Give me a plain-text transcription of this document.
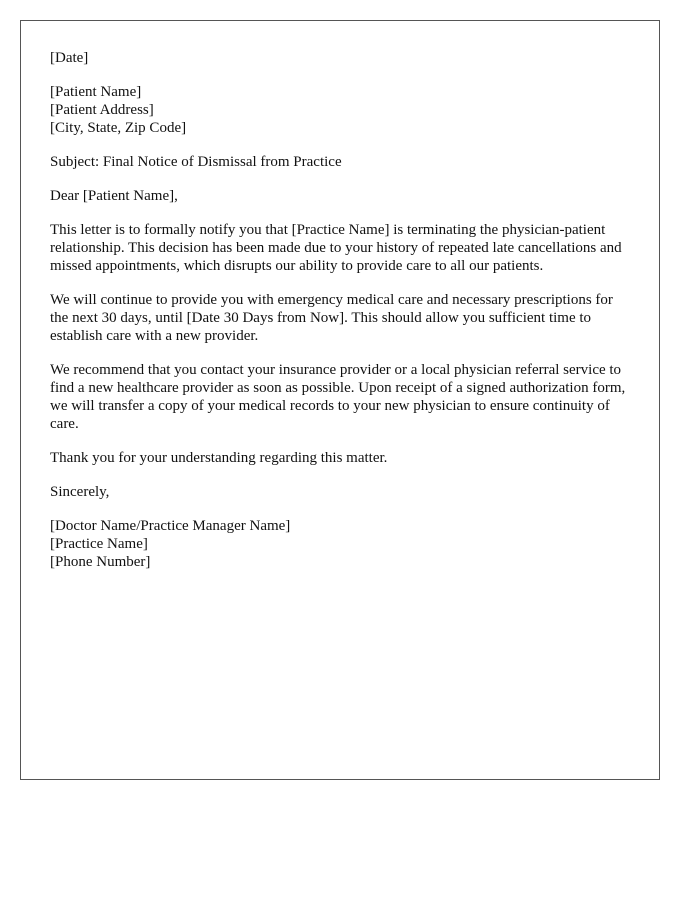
[Date]
[Patient Name]
[Patient Address]
[City, State, Zip Code]
Subject: Final Notice of Dismissal from Practice
Dear [Patient Name],

This letter is to formally notify you that [Practice Name] is terminating the physician-patient relationship. This decision has been made due to your history of repeated late cancellations and missed appointments, which disrupts our ability to provide care to all our patients.

We will continue to provide you with emergency medical care and necessary prescriptions for the next 30 days, until [Date 30 Days from Now]. This should allow you sufficient time to establish care with a new provider.

We recommend that you contact your insurance provider or a local physician referral service to find a new healthcare provider as soon as possible. Upon receipt of a signed authorization form, we will transfer a copy of your medical records to your new physician to ensure continuity of care.

Thank you for your understanding regarding this matter.

Sincerely,
[Doctor Name/Practice Manager Name]
[Practice Name]
[Phone Number]
